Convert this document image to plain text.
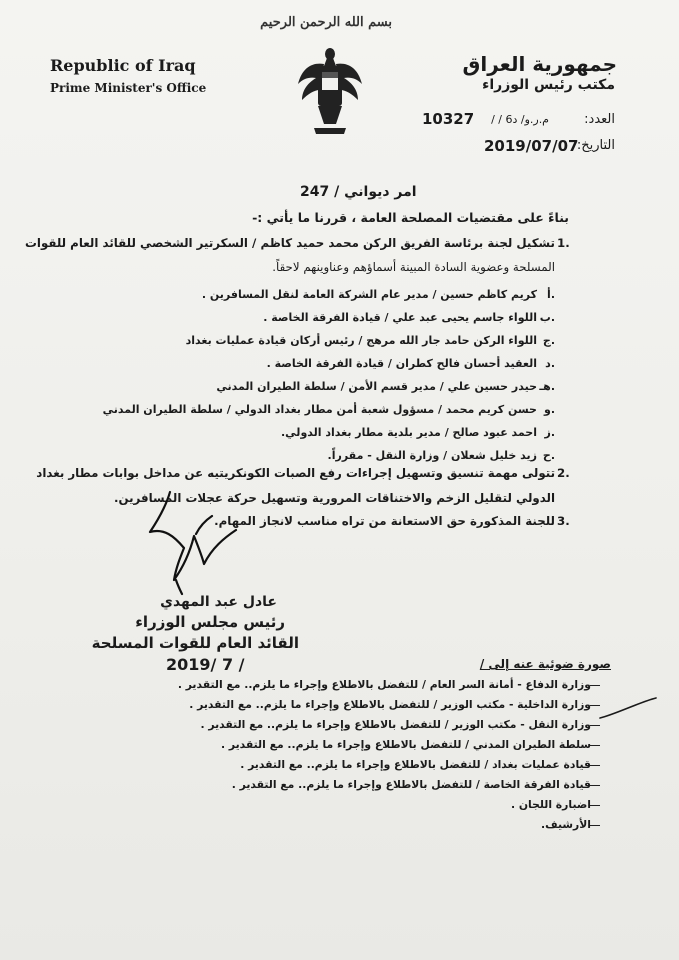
بسم الله الرحمن الرحيم
Republic of Iraq
Prime Minister's Office
جمهورية العراق
مكتب رئيس الوزراء
العدد:
م.ر.و/ د6 / /
10327
التاريخ:
2019/07/07
امر ديواني / 247
بناءً على مقتضيات المصلحة العامة ، قررنا ما يأتي :-
1.
تشكيل لجنة برئاسة الفريق الركن محمد حميد كاظم / السكرتير الشخصي للقائد العام للقوات
المسلحة وعضوية السادة المبينة أسماؤهم وعناوينهم لاحقاً.
أ.
كريم كاظم حسين / مدير عام الشركة العامة لنقل المسافرين .
ب.
اللواء جاسم يحيى عبد علي / قيادة الفرقة الخاصة .
ج.
اللواء الركن حامد جار الله مرهج / رئيس أركان قيادة عمليات بغداد
د.
العقيد أحسان فالح كطران / قيادة الفرقة الخاصة .
هـ.
حيدر حسين علي / مدير قسم الأمن / سلطة الطيران المدني
و.
حسن كريم محمد / مسؤول شعبة أمن مطار بغداد الدولي / سلطة الطيران المدني
ز.
احمد عبود صالح / مدير بلدية مطار بغداد الدولي.
ح.
زيد خليل شعلان / وزارة النقل - مقرراً.
2.
تتولى مهمة تنسيق وتسهيل إجراءات رفع الصبات الكونكريتيه عن مداخل بوابات مطار بغداد
الدولي لتقليل الزخم والاختناقات المرورية وتسهيل حركة عجلات المسافرين.
3.
للجنة المذكورة حق الاستعانة من تراه مناسب لانجاز المهام.
عادل عبد المهدي
رئيس مجلس الوزراء
القائد العام للقوات المسلحة
2019/ 7 /	صورة ضوئية عنه إلى /
وزارة الدفاع - أمانة السر العام / للتفضل بالاطلاع وإجراء ما يلزم.. مع التقدير .
وزارة الداخلية - مكتب الوزير / للتفضل بالاطلاع وإجراء ما يلزم.. مع التقدير .
وزارة النقل - مكتب الوزير / للتفضل بالاطلاع وإجراء ما يلزم.. مع التقدير .
سلطة الطيران المدني / للتفضل بالاطلاع وإجراء ما يلزم.. مع التقدير .
قيادة عمليات بغداد / للتفضل بالاطلاع وإجراء ما يلزم.. مع التقدير .
قيادة الفرقة الخاصة / للتفضل بالاطلاع وإجراء ما يلزم.. مع التقدير .
اضبارة اللجان .
الأرشيف.
